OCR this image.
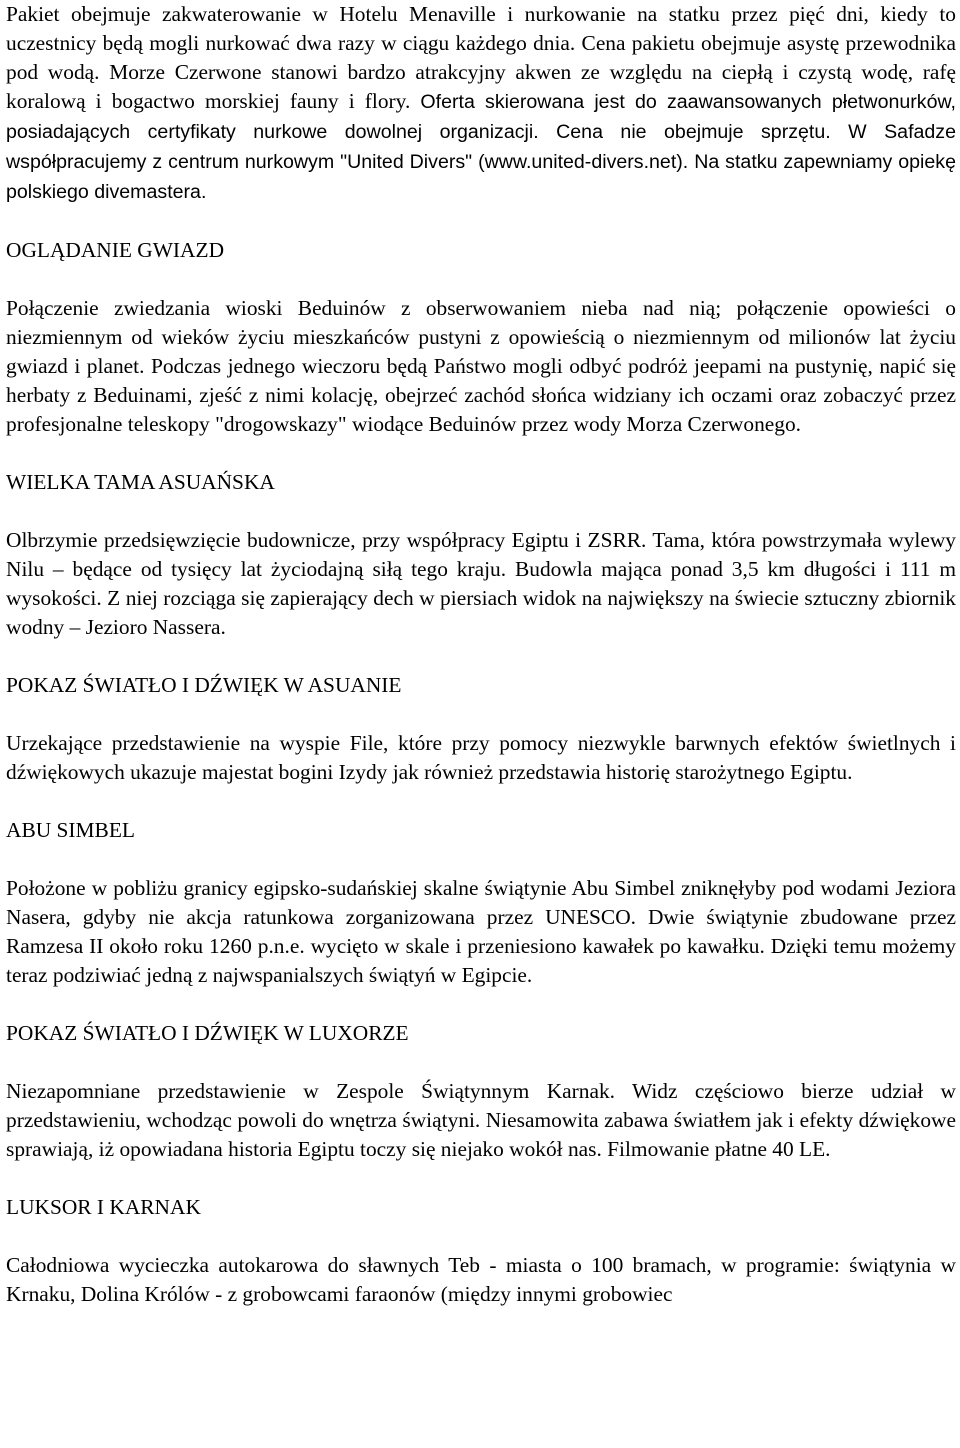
Pakiet obejmuje zakwaterowanie w Hotelu Menaville i nurkowanie na statku przez pięć dni, kiedy to uczestnicy będą mogli nurkować dwa razy w ciągu każdego dnia. Cena pakietu obejmuje asystę przewodnika pod wodą. Morze Czerwone stanowi bardzo atrakcyjny akwen ze względu na ciepłą i czystą wodę, rafę koralową i bogactwo morskiej fauny i flory. Oferta skierowana jest do zaawansowanych płetwonurków, posiadających certyfikaty nurkowe dowolnej organizacji. Cena nie obejmuje sprzętu. W Safadze współpracujemy z centrum nurkowym "United Divers" (www.united-divers.net). Na statku zapewniamy opiekę polskiego divemastera.

OGLĄDANIE GWIAZD

Połączenie zwiedzania wioski Beduinów z obserwowaniem nieba nad nią; połączenie opowieści o niezmiennym od wieków życiu mieszkańców pustyni z opowieścią o niezmiennym od milionów lat życiu gwiazd i planet. Podczas jednego wieczoru będą Państwo mogli odbyć podróż jeepami na pustynię, napić się herbaty z Beduinami, zjeść z nimi kolację, obejrzeć zachód słońca widziany ich oczami oraz zobaczyć przez profesjonalne teleskopy "drogowskazy" wiodące Beduinów przez wody Morza Czerwonego.

WIELKA TAMA ASUAŃSKA

Olbrzymie przedsięwzięcie budownicze, przy współpracy Egiptu i ZSRR. Tama, która powstrzymała wylewy Nilu – będące od tysięcy lat życiodajną siłą tego kraju. Budowla mająca ponad 3,5 km długości i 111 m wysokości. Z niej rozciąga się zapierający dech w piersiach widok na największy na świecie sztuczny zbiornik wodny – Jezioro Nassera.

POKAZ ŚWIATŁO I DŹWIĘK W ASUANIE

Urzekające przedstawienie na wyspie File, które przy pomocy niezwykle barwnych efektów świetlnych i dźwiękowych ukazuje majestat bogini Izydy jak również przedstawia historię starożytnego Egiptu.

ABU SIMBEL

Położone w pobliżu granicy egipsko-sudańskiej skalne świątynie Abu Simbel zniknęłyby pod wodami Jeziora Nasera, gdyby nie akcja ratunkowa zorganizowana przez UNESCO. Dwie świątynie zbudowane przez Ramzesa II około roku 1260 p.n.e. wycięto w skale i przeniesiono kawałek po kawałku. Dzięki temu możemy teraz podziwiać jedną z najwspanialszych świątyń w Egipcie.

POKAZ ŚWIATŁO I DŹWIĘK W LUXORZE

Niezapomniane przedstawienie w Zespole Świątynnym Karnak. Widz częściowo bierze udział w przedstawieniu, wchodząc powoli do wnętrza świątyni. Niesamowita zabawa światłem jak i efekty dźwiękowe sprawiają, iż opowiadana historia Egiptu toczy się niejako wokół nas. Filmowanie płatne 40 LE.

LUKSOR I KARNAK

Całodniowa wycieczka autokarowa do sławnych Teb - miasta o 100 bramach, w programie: świątynia w Krnaku, Dolina Królów - z grobowcami faraonów (między innymi grobowiec
